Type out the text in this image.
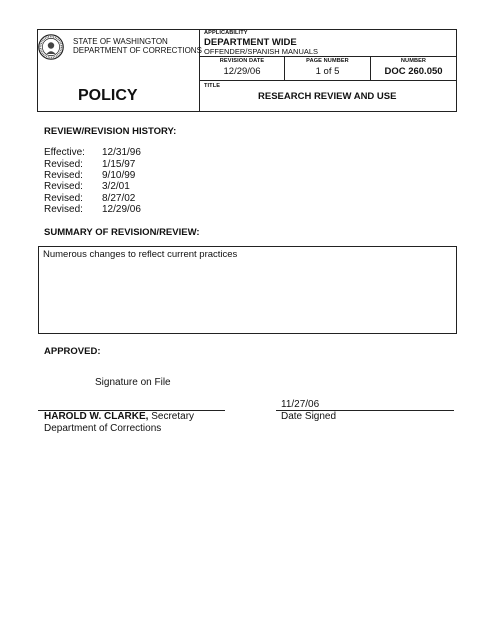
STATE OF WASHINGTON
DEPARTMENT OF CORRECTIONS
POLICY
APPLICABILITY
DEPARTMENT WIDE
OFFENDER/SPANISH MANUALS
REVISION DATE
12/29/06
PAGE NUMBER
1 of 5
NUMBER
DOC 260.050
TITLE
RESEARCH REVIEW AND USE
REVIEW/REVISION HISTORY:
Effective: 12/31/96
Revised: 1/15/97
Revised: 9/10/99
Revised: 3/2/01
Revised: 8/27/02
Revised: 12/29/06
SUMMARY OF REVISION/REVIEW:
Numerous changes to reflect current practices
APPROVED:
Signature on File
HAROLD W. CLARKE, Secretary
Department of Corrections
11/27/06
Date Signed
